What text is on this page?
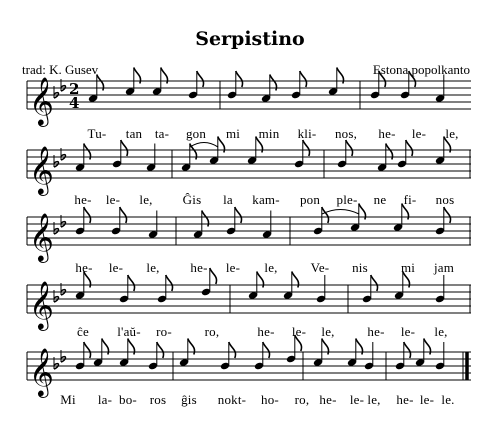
Serpistino
trad: K. Gusev	Estona popolkanto
𝄞 2
4
𝄞
𝄞
𝄞
𝄞
Tu- tan ta- gon mi min kli- nos, he- le- le,
he- le- le, Ĝis la kam- pon ple- ne fi- nos
he- le- le, he- le- le,	Ve- nis	mi jam
ĉe l'aŭ- ro-	ro,	he- le- le,	he- le- le,
Mi la- bo- ros ĝis nokt- ho- ro, he- le- le, he- le- le.
